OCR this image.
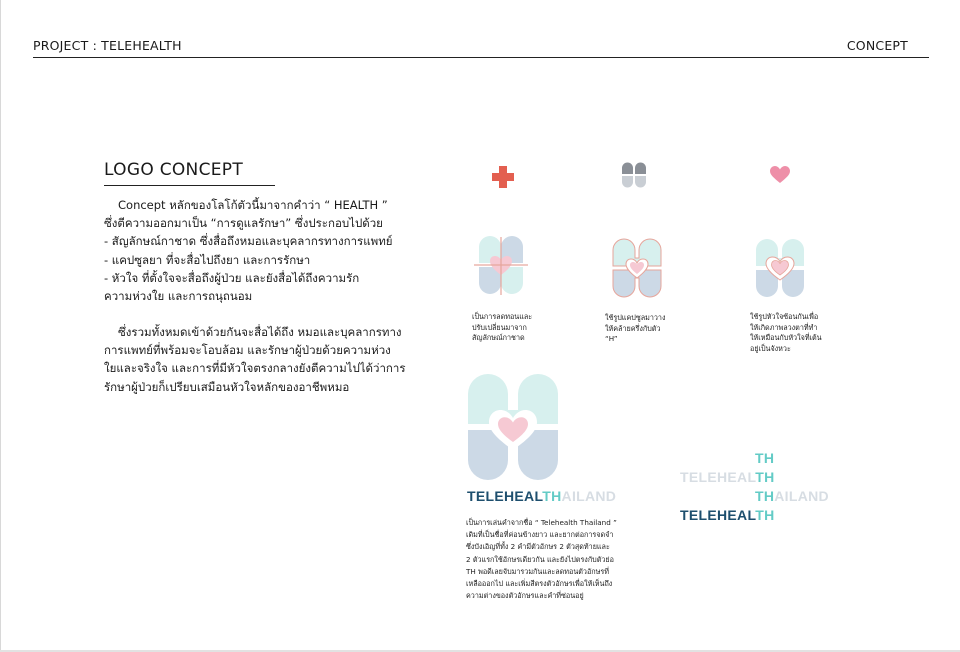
PROJECT : TELEHEALTH	CONCEPT
LOGO CONCEPT

Concept หลักของโลโก้ตัวนี้มาจากคำว่า “ HEALTH ”
ซึ่งตีความออกมาเป็น “การดูแลรักษา” ซึ่งประกอบไปด้วย
- สัญลักษณ์กาชาด ซึ่งสื่อถึงหมอและบุคลากรทางการแพทย์
- แคปซูลยา ที่จะสื่อไปถึงยา และการรักษา
- หัวใจ ที่ตั้งใจจะสื่อถึงผู้ป่วย และยังสื่อได้ถึงความรัก
ความห่วงใย และการถนุถนอม

ซึ่งรวมทั้งหมดเข้าด้วยกันจะสื่อได้ถึง หมอและบุคลากรทาง
การแพทย์ที่พร้อมจะโอบล้อม และรักษาผู้ป่วยด้วยความห่วง
ใยและจริงใจ และการที่มีหัวใจตรงกลางยังตีความไปได้ว่าการ
รักษาผู้ป่วยก็เปรียบเสมือนหัวใจหลักของอาชีพหมอ

เป็นการลดทอนและ
ปรับเปลี่ยนมาจาก
สัญลักษณ์กาชาด

ใช้รูปแคปซูลมาวาง
ให้คล้ายครึ่งกับตัว
“H”

ใช้รูปหัวใจซ้อนกันเพื่อ
ให้เกิดภาพลวงตาที่ทำ
ให้เหมือนกับหัวใจที่เต้น
อยู่เป็นจังหวะ

TELEHEALTHAILAND
TH
TELEHEALTH
THAILAND
TELEHEALTH

เป็นการเล่นคำจากชื่อ “ Telehealth Thailand ”
เดิมที่เป็นชื่อที่ค่อนข้างยาว และยากต่อการจดจำ
ซึ่งบังเอิญที่ทั้ง 2 คำมีตัวอักษร 2 ตัวสุดท้ายและ
2 ตัวแรกใช้อักษรเดียวกัน และยังไปตรงกับตัวย่อ
TH พอดีเลยจับมารวมกันและลดทอนตัวอักษรที่
เหลือออกไป และเพิ่มสีตรงตัวอักษรเพื่อให้เห็นถึง
ความต่างของตัวอักษรและคำที่ซ่อนอยู่
